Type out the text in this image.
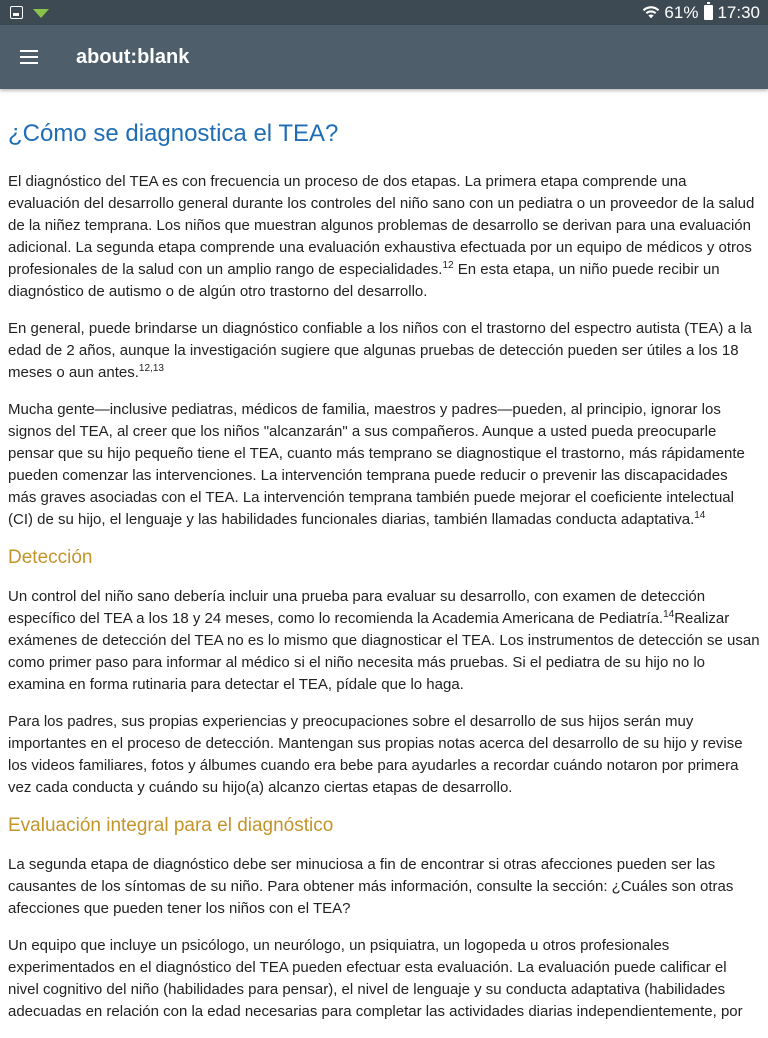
61% 17:30
about:blank
¿Cómo se diagnostica el TEA?

El diagnóstico del TEA es con frecuencia un proceso de dos etapas. La primera etapa comprende una evaluación del desarrollo general durante los controles del niño sano con un pediatra o un proveedor de la salud de la niñez temprana. Los niños que muestran algunos problemas de desarrollo se derivan para una evaluación adicional. La segunda etapa comprende una evaluación exhaustiva efectuada por un equipo de médicos y otros profesionales de la salud con un amplio rango de especialidades.$^{12}$ En esta etapa, un niño puede recibir un diagnóstico de autismo o de algún otro trastorno del desarrollo.

En general, puede brindarse un diagnóstico confiable a los niños con el trastorno del espectro autista (TEA) a la edad de 2 años, aunque la investigación sugiere que algunas pruebas de detección pueden ser útiles a los 18 meses o aun antes.$^{12,13}$

Mucha gente—inclusive pediatras, médicos de familia, maestros y padres—pueden, al principio, ignorar los signos del TEA, al creer que los niños "alcanzarán" a sus compañeros. Aunque a usted pueda preocuparle pensar que su hijo pequeño tiene el TEA, cuanto más temprano se diagnostique el trastorno, más rápidamente pueden comenzar las intervenciones. La intervención temprana puede reducir o prevenir las discapacidades más graves asociadas con el TEA. La intervención temprana también puede mejorar el coeficiente intelectual (CI) de su hijo, el lenguaje y las habilidades funcionales diarias, también llamadas conducta adaptativa.$^{14}$

Detección

Un control del niño sano debería incluir una prueba para evaluar su desarrollo, con examen de detección específico del TEA a los 18 y 24 meses, como lo recomienda la Academia Americana de Pediatría.$^{14}$Realizar exámenes de detección del TEA no es lo mismo que diagnosticar el TEA. Los instrumentos de detección se usan como primer paso para informar al médico si el niño necesita más pruebas. Si el pediatra de su hijo no lo examina en forma rutinaria para detectar el TEA, pídale que lo haga.

Para los padres, sus propias experiencias y preocupaciones sobre el desarrollo de sus hijos serán muy importantes en el proceso de detección. Mantengan sus propias notas acerca del desarrollo de su hijo y revise los videos familiares, fotos y álbumes cuando era bebe para ayudarles a recordar cuándo notaron por primera vez cada conducta y cuándo su hijo(a) alcanzo ciertas etapas de desarrollo.

Evaluación integral para el diagnóstico

La segunda etapa de diagnóstico debe ser minuciosa a fin de encontrar si otras afecciones pueden ser las causantes de los síntomas de su niño. Para obtener más información, consulte la sección: ¿Cuáles son otras afecciones que pueden tener los niños con el TEA?

Un equipo que incluye un psicólogo, un neurólogo, un psiquiatra, un logopeda u otros profesionales experimentados en el diagnóstico del TEA pueden efectuar esta evaluación. La evaluación puede calificar el nivel cognitivo del niño (habilidades para pensar), el nivel de lenguaje y su conducta adaptativa (habilidades adecuadas en relación con la edad necesarias para completar las actividades diarias independientemente, por
